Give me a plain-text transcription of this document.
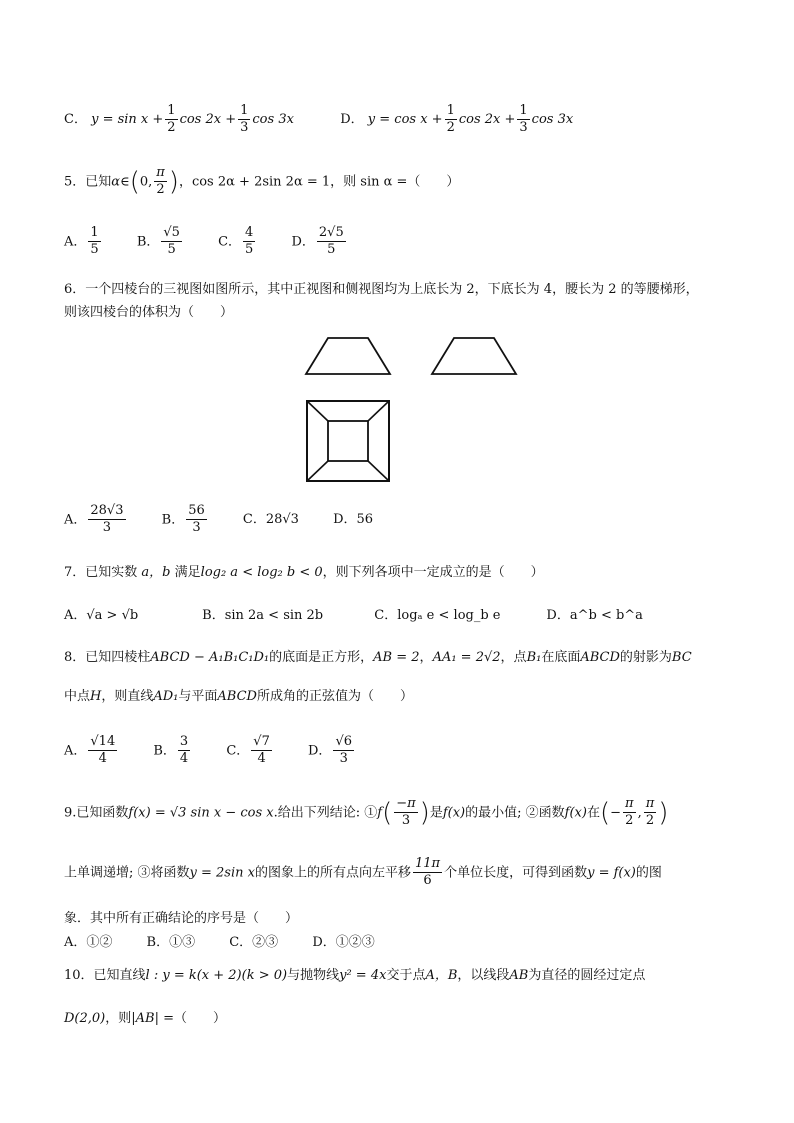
C． $y = \sin x + \frac{1}{2}$ $\cos 2x + \frac{1}{3}$ cos 3x	D． $y = \cos x + \frac{1}{2}$ $\cos 2x + \frac{1}{3}$ cos 3x
5．已知α∈(0, $\frac{\pi}{2}$ )，cos 2α + 2sin 2α = 1，则 sin α =（　　）
A． $\frac{1}{5}$	B． $\frac{√5}{5}$	C． $\frac{4}{5}$	D． $\frac{2√5}{5}$
6．一个四棱台的三视图如图所示，其中正视图和侧视图均为上底长为 2，下底长为 4，腰长为 2 的等腰梯形，
则该四棱台的体积为（　　）
A． $\frac{28√3}{3}$	B． $\frac{56}{3}$	C．28√3	D．56
7．已知实数 a，b 满足log₂ a < log₂ b < 0，则下列各项中一定成立的是（　　）
A．√a > √b	B．sin 2a < sin 2b	C．logₐ e < log_b e	D．a^b < b^a
8．已知四棱柱ABCD − A₁B₁C₁D₁的底面是正方形，AB = 2，AA₁ = 2√2，点B₁在底面ABCD的射影为BC
中点H，则直线AD₁与平面ABCD所成角的正弦值为（　　）
A． $\frac{√14}{4}$	B． $\frac{3}{4}$	C． $\frac{√7}{4}$	D． $\frac{√6}{3}$
9.已知函数f(x) = √3 sin x − cos x.给出下列结论: ①f( $\frac{-\pi}{3}$ )是f(x)的最小值; ②函数f(x)在(− $\frac{\pi}{2}$ , $\frac{\pi}{2}$ )
上单调递增; ③将函数y = 2sin x的图象上的所有点向左平移 $\frac{11\pi}{6}$ 个单位长度，可得到函数y = f(x)的图
象．其中所有正确结论的序号是（　　）
A．①②	B．①③	C．②③	D．①②③
10．已知直线l : y = k(x + 2)(k > 0)与抛物线y² = 4x交于点A，B，以线段AB为直径的圆经过定点
D(2,0)，则|AB| =（　　）
